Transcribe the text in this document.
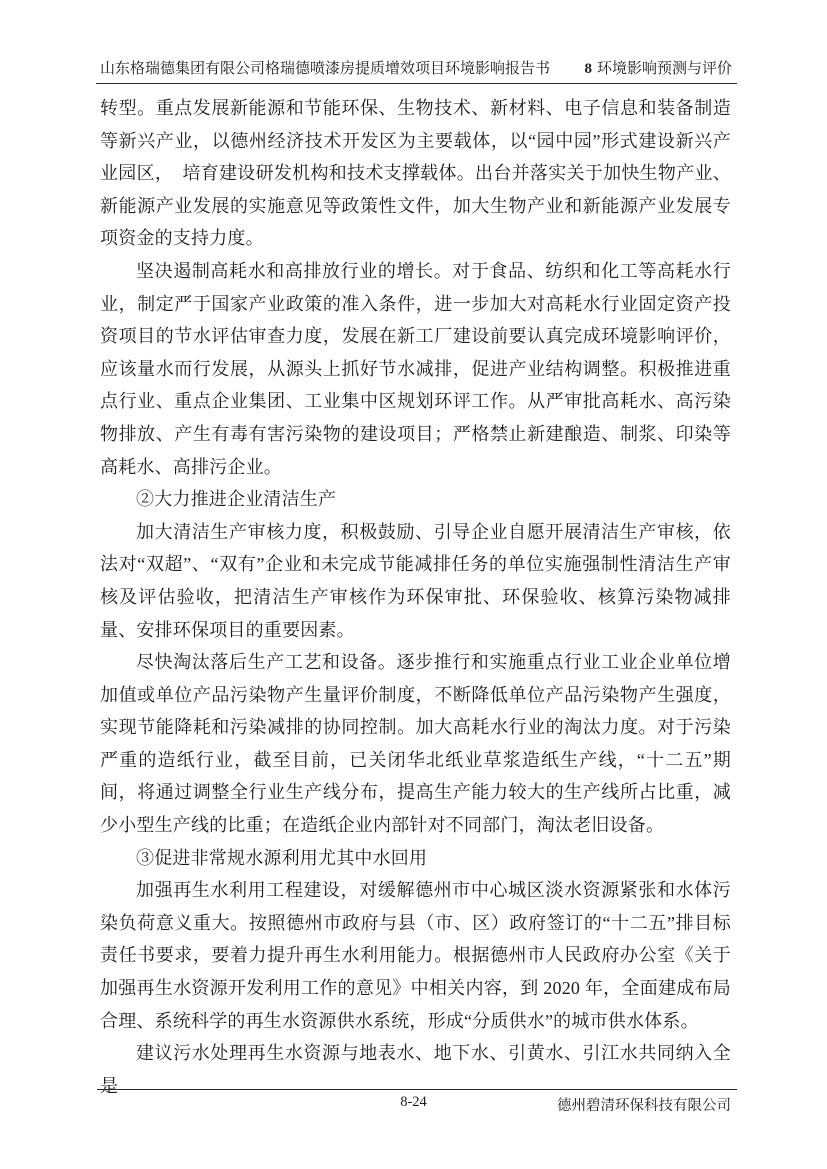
山东格瑞德集团有限公司格瑞德喷漆房提质增效项目环境影响报告书 8 环境影响预测与评价

转型。重点发展新能源和节能环保、生物技术、新材料、电子信息和装备制造等新兴产业，以德州经济技术开发区为主要载体，以“园中园”形式建设新兴产业园区，　培育建设研发机构和技术支撑载体。出台并落实关于加快生物产业、新能源产业发展的实施意见等政策性文件，加大生物产业和新能源产业发展专项资金的支持力度。

坚决遏制高耗水和高排放行业的增长。对于食品、纺织和化工等高耗水行业，制定严于国家产业政策的准入条件，进一步加大对高耗水行业固定资产投资项目的节水评估审查力度，发展在新工厂建设前要认真完成环境影响评价，应该量水而行发展，从源头上抓好节水减排，促进产业结构调整。积极推进重点行业、重点企业集团、工业集中区规划环评工作。从严审批高耗水、高污染物排放、产生有毒有害污染物的建设项目；严格禁止新建酿造、制浆、印染等高耗水、高排污企业。

②大力推进企业清洁生产

加大清洁生产审核力度，积极鼓励、引导企业自愿开展清洁生产审核，依法对“双超”、“双有”企业和未完成节能减排任务的单位实施强制性清洁生产审核及评估验收，把清洁生产审核作为环保审批、环保验收、核算污染物减排量、安排环保项目的重要因素。

尽快淘汰落后生产工艺和设备。逐步推行和实施重点行业工业企业单位增加值或单位产品污染物产生量评价制度，不断降低单位产品污染物产生强度，实现节能降耗和污染减排的协同控制。加大高耗水行业的淘汰力度。对于污染严重的造纸行业，截至目前，已关闭华北纸业草浆造纸生产线，“十二五”期间，将通过调整全行业生产线分布，提高生产能力较大的生产线所占比重，减少小型生产线的比重；在造纸企业内部针对不同部门，淘汰老旧设备。

③促进非常规水源利用尤其中水回用

加强再生水利用工程建设，对缓解德州市中心城区淡水资源紧张和水体污染负荷意义重大。按照德州市政府与县（市、区）政府签订的“十二五”排目标责任书要求，要着力提升再生水利用能力。根据德州市人民政府办公室《关于加强再生水资源开发利用工作的意见》中相关内容，到 2020 年，全面建成布局合理、系统科学的再生水资源供水系统，形成“分质供水”的城市供水体系。

建议污水处理再生水资源与地表水、地下水、引黄水、引江水共同纳入全是

8-24	德州碧清环保科技有限公司
